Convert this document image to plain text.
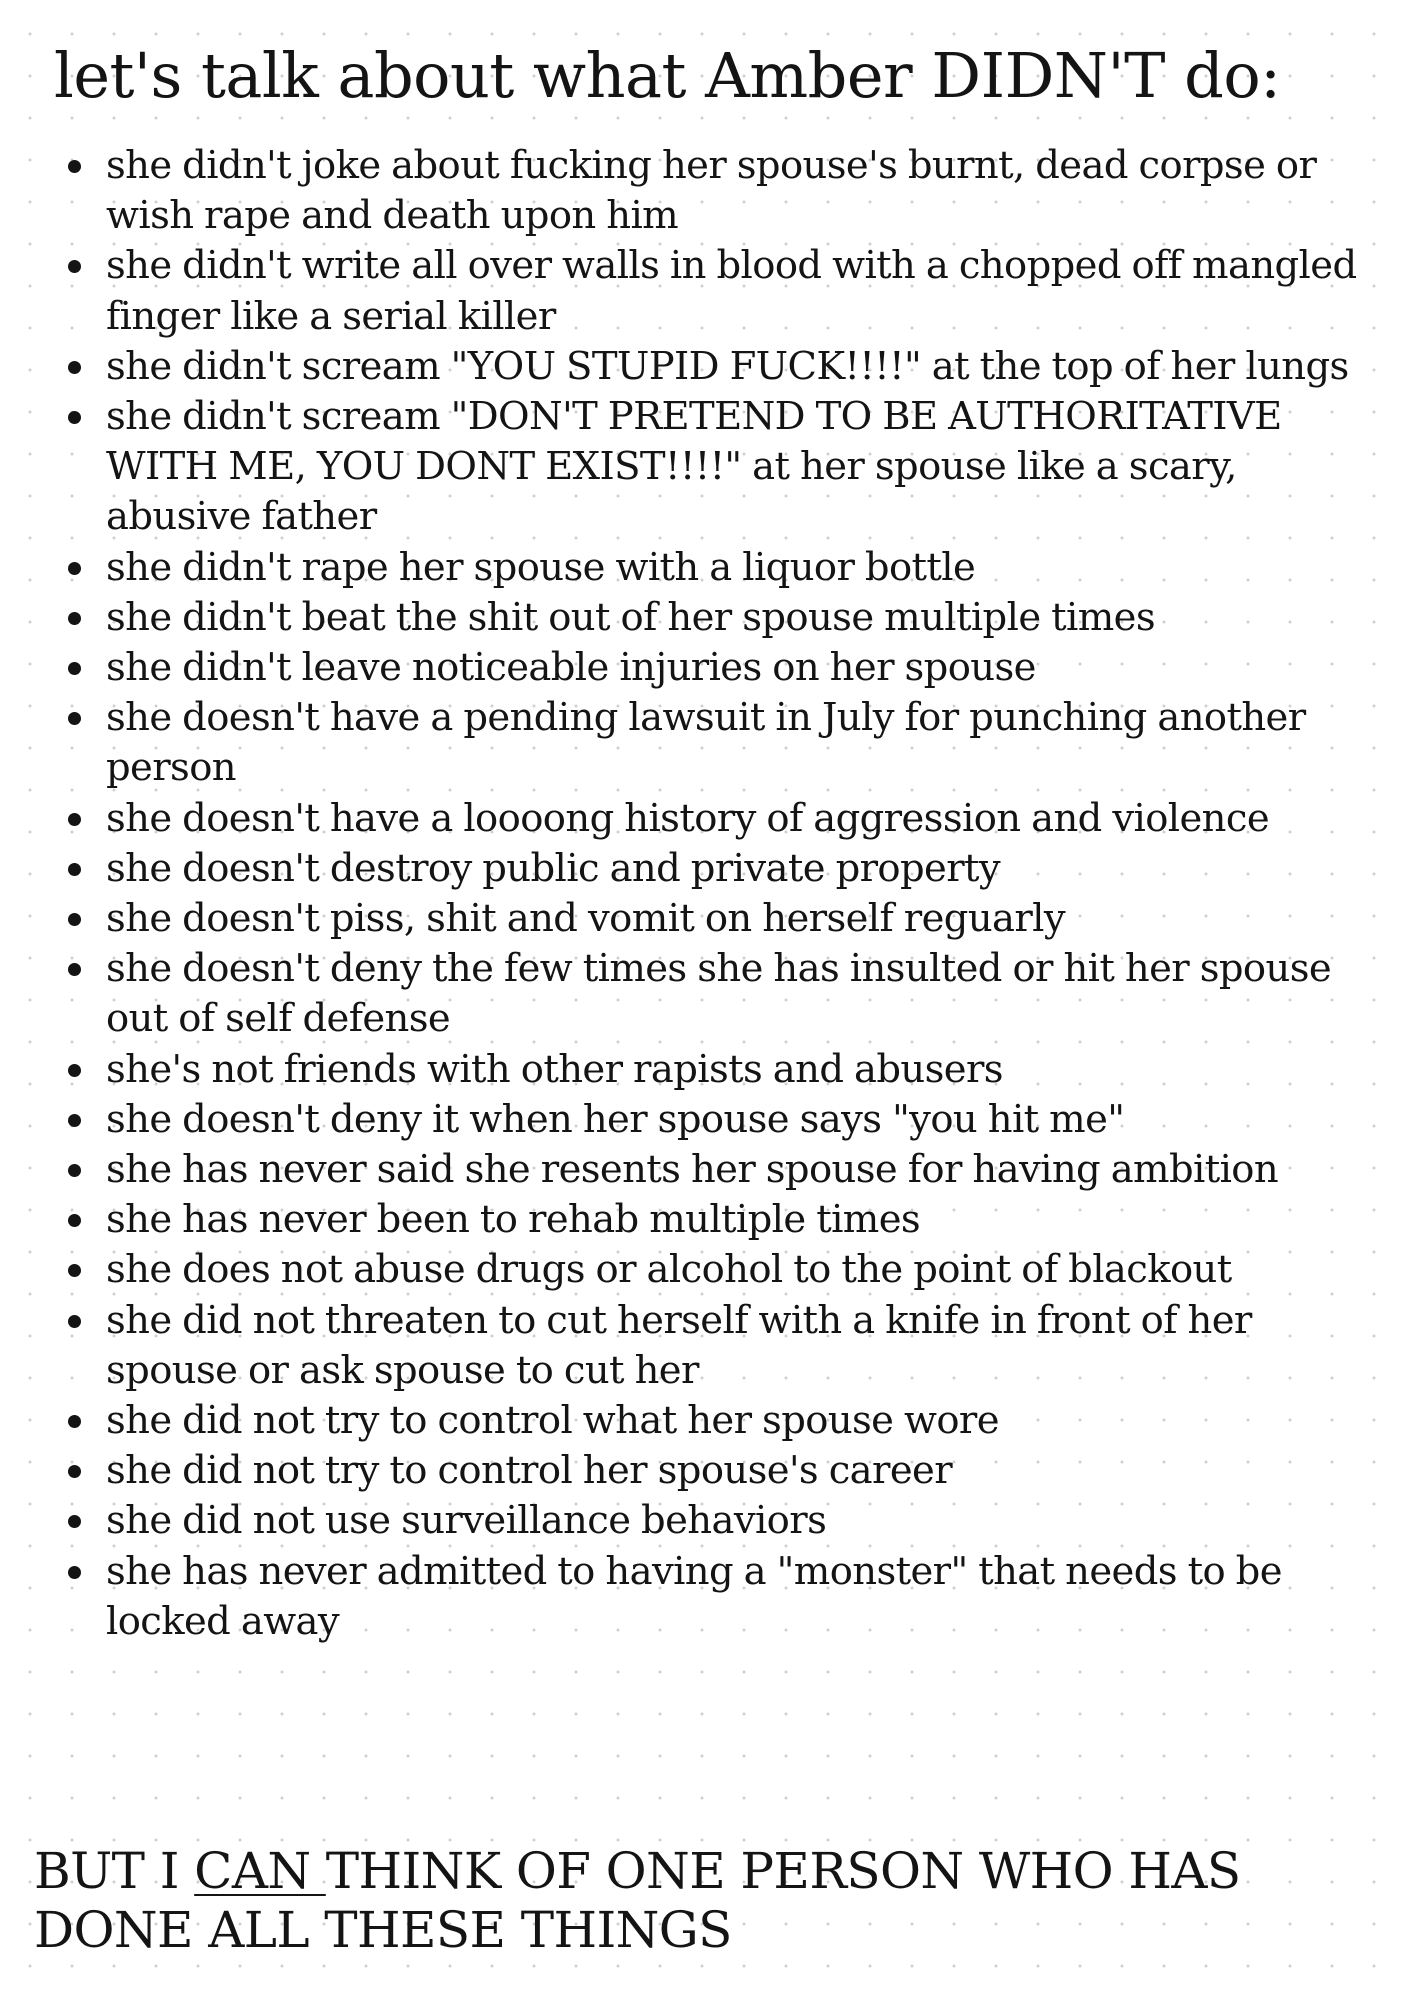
let's talk about what Amber DIDN'T do:
she didn't joke about fucking her spouse's burnt, dead corpse or wish rape and death upon him
she didn't write all over walls in blood with a chopped off mangled finger like a serial killer
she didn't scream "YOU STUPID FUCK!!!!" at the top of her lungs
she didn't scream "DON'T PRETEND TO BE AUTHORITATIVE WITH ME, YOU DONT EXIST!!!!" at her spouse like a scary, abusive father
she didn't rape her spouse with a liquor bottle
she didn't beat the shit out of her spouse multiple times
she didn't leave noticeable injuries on her spouse
she doesn't have a pending lawsuit in July for punching another person
she doesn't have a loooong history of aggression and violence
she doesn't destroy public and private property
she doesn't piss, shit and vomit on herself reguarly
she doesn't deny the few times she has insulted or hit her spouse out of self defense
she's not friends with other rapists and abusers
she doesn't deny it when her spouse says "you hit me"
she has never said she resents her spouse for having ambition
she has never been to rehab multiple times
she does not abuse drugs or alcohol to the point of blackout
she did not threaten to cut herself with a knife in front of her spouse or ask spouse to cut her
she did not try to control what her spouse wore
she did not try to control her spouse's career
she did not use surveillance behaviors
she has never admitted to having a "monster" that needs to be locked away

BUT I CAN THINK OF ONE PERSON WHO HAS
DONE ALL THESE THINGS
